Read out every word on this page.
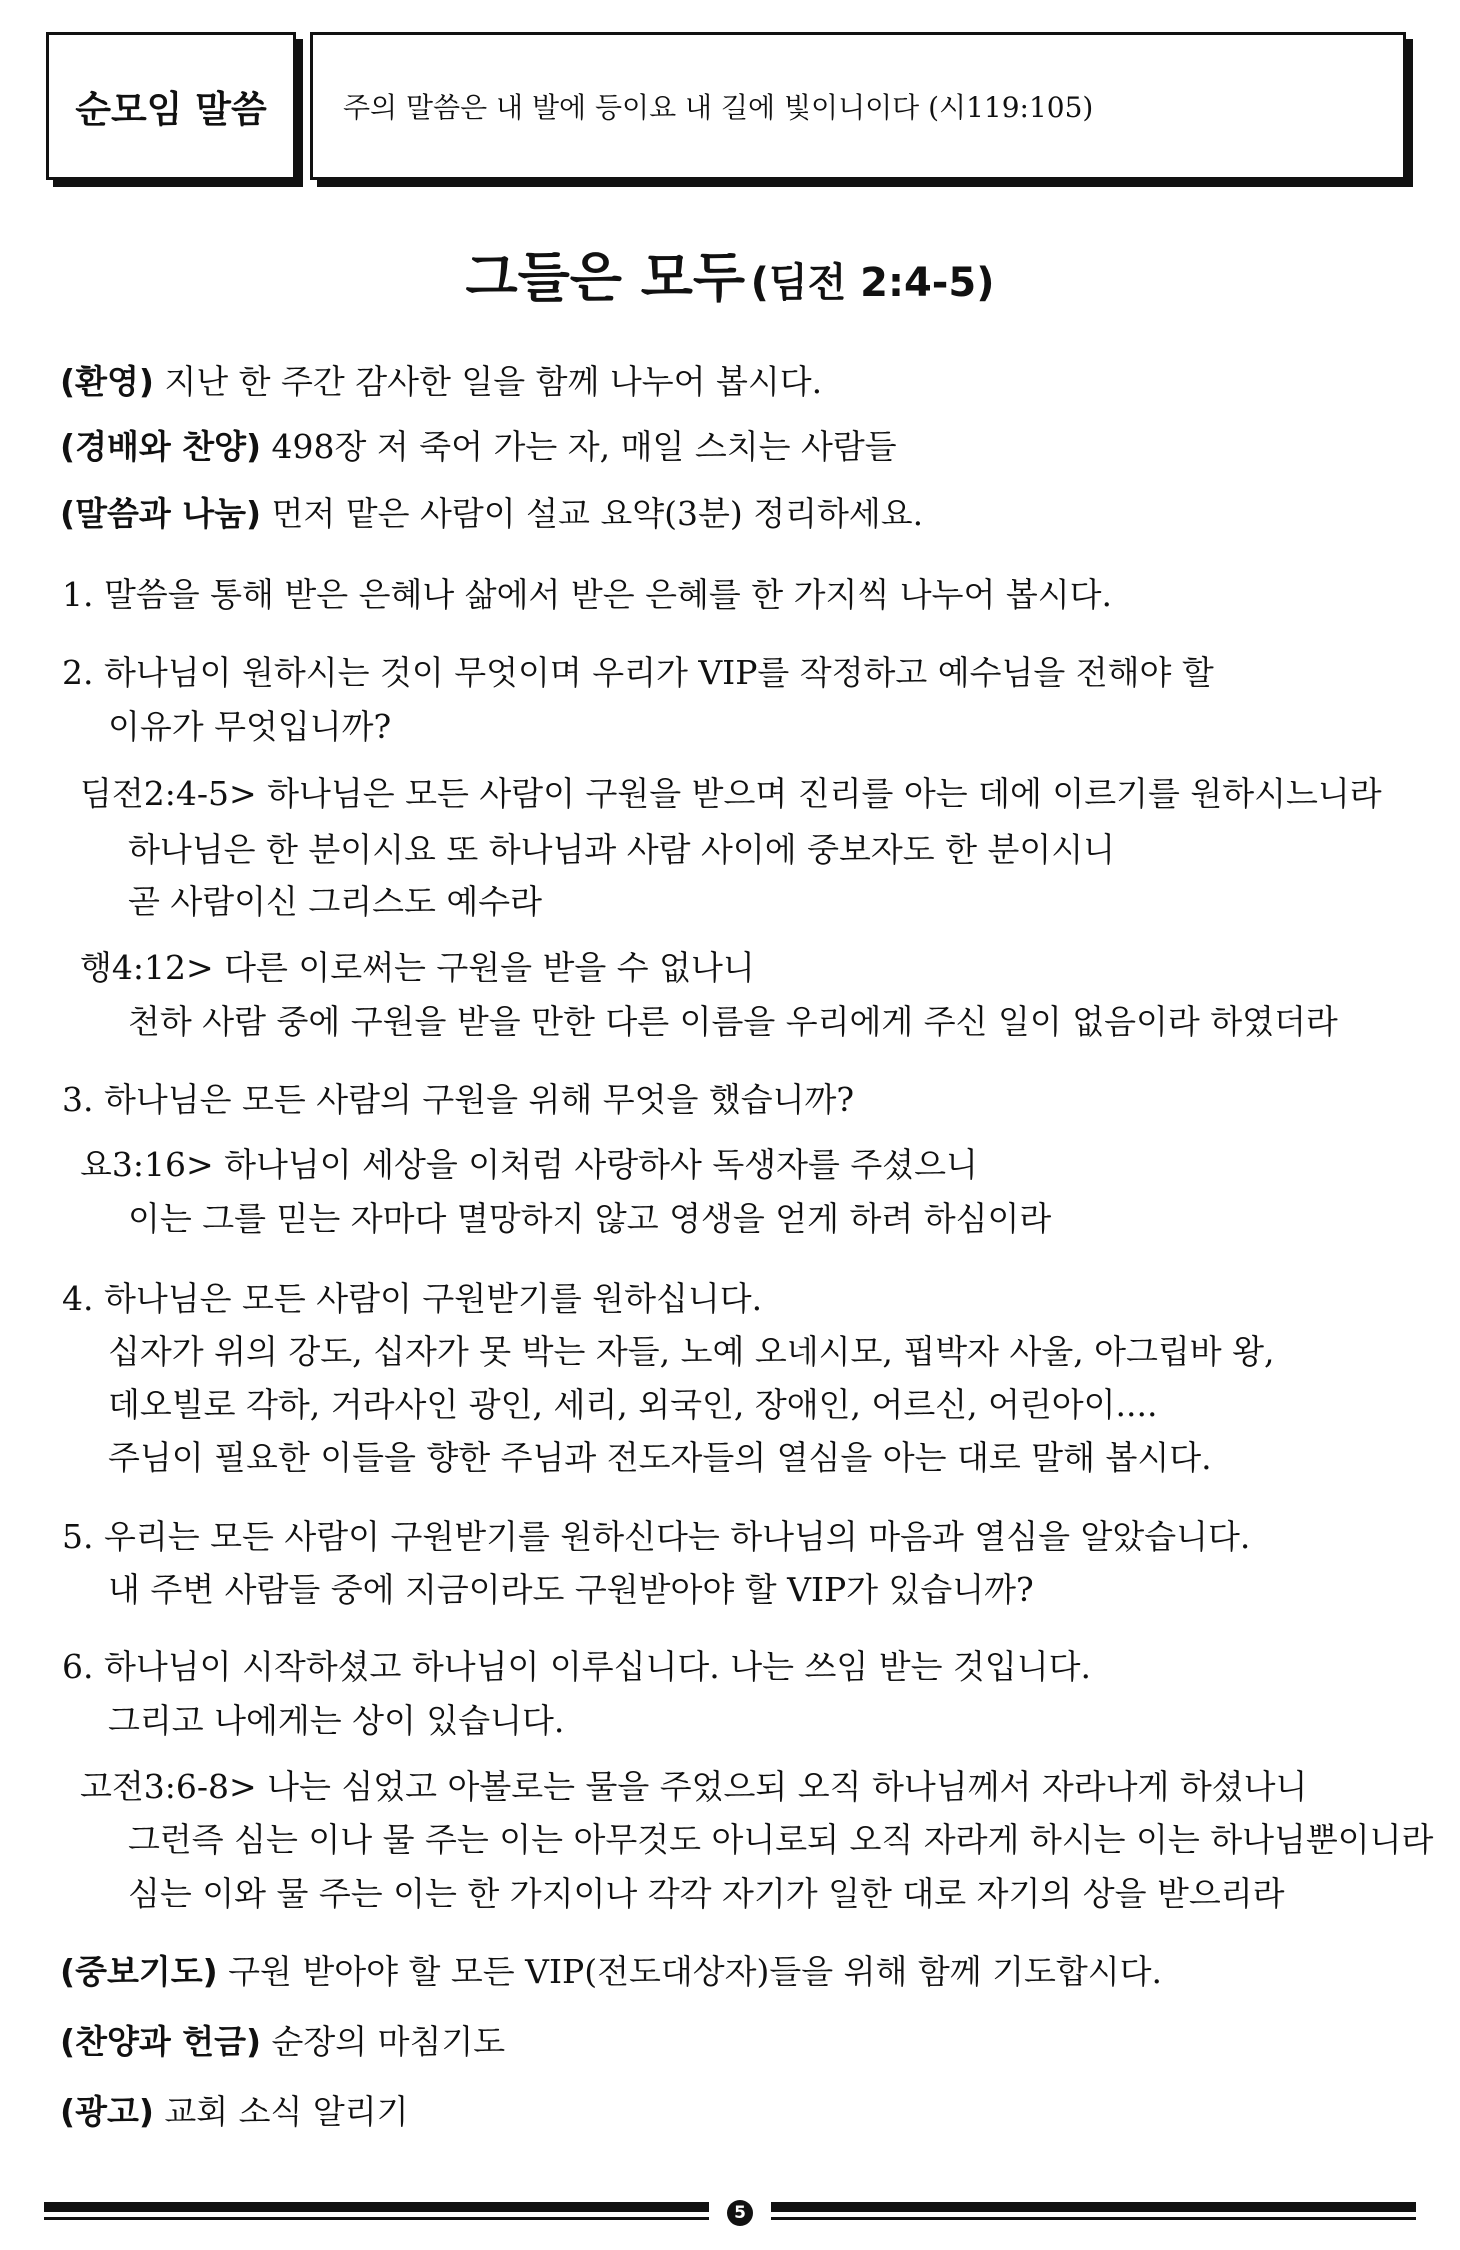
순모임 말씀	주의 말씀은 내 발에 등이요 내 길에 빛이니이다 (시119:105)
그들은 모두 (딤전 2:4-5)
(환영) 지난 한 주간 감사한 일을 함께 나누어 봅시다.
(경배와 찬양) 498장 저 죽어 가는 자, 매일 스치는 사람들
(말씀과 나눔) 먼저 맡은 사람이 설교 요약(3분) 정리하세요.
1. 말씀을 통해 받은 은혜나 삶에서 받은 은혜를 한 가지씩 나누어 봅시다.
2. 하나님이 원하시는 것이 무엇이며 우리가 VIP를 작정하고 예수님을 전해야 할
이유가 무엇입니까?
딤전2:4-5> 하나님은 모든 사람이 구원을 받으며 진리를 아는 데에 이르기를 원하시느니라
하나님은 한 분이시요 또 하나님과 사람 사이에 중보자도 한 분이시니
곧 사람이신 그리스도 예수라
행4:12> 다른 이로써는 구원을 받을 수 없나니
천하 사람 중에 구원을 받을 만한 다른 이름을 우리에게 주신 일이 없음이라 하였더라
3. 하나님은 모든 사람의 구원을 위해 무엇을 했습니까?
요3:16> 하나님이 세상을 이처럼 사랑하사 독생자를 주셨으니
이는 그를 믿는 자마다 멸망하지 않고 영생을 얻게 하려 하심이라
4. 하나님은 모든 사람이 구원받기를 원하십니다.
십자가 위의 강도, 십자가 못 박는 자들, 노예 오네시모, 핍박자 사울, 아그립바 왕,
데오빌로 각하, 거라사인 광인, 세리, 외국인, 장애인, 어르신, 어린아이....
주님이 필요한 이들을 향한 주님과 전도자들의 열심을 아는 대로 말해 봅시다.
5. 우리는 모든 사람이 구원받기를 원하신다는 하나님의 마음과 열심을 알았습니다.
내 주변 사람들 중에 지금이라도 구원받아야 할 VIP가 있습니까?
6. 하나님이 시작하셨고 하나님이 이루십니다. 나는 쓰임 받는 것입니다.
그리고 나에게는 상이 있습니다.
고전3:6-8> 나는 심었고 아볼로는 물을 주었으되 오직 하나님께서 자라나게 하셨나니
그런즉 심는 이나 물 주는 이는 아무것도 아니로되 오직 자라게 하시는 이는 하나님뿐이니라
심는 이와 물 주는 이는 한 가지이나 각각 자기가 일한 대로 자기의 상을 받으리라
(중보기도) 구원 받아야 할 모든 VIP(전도대상자)들을 위해 함께 기도합시다.
(찬양과 헌금) 순장의 마침기도
(광고) 교회 소식 알리기
5
